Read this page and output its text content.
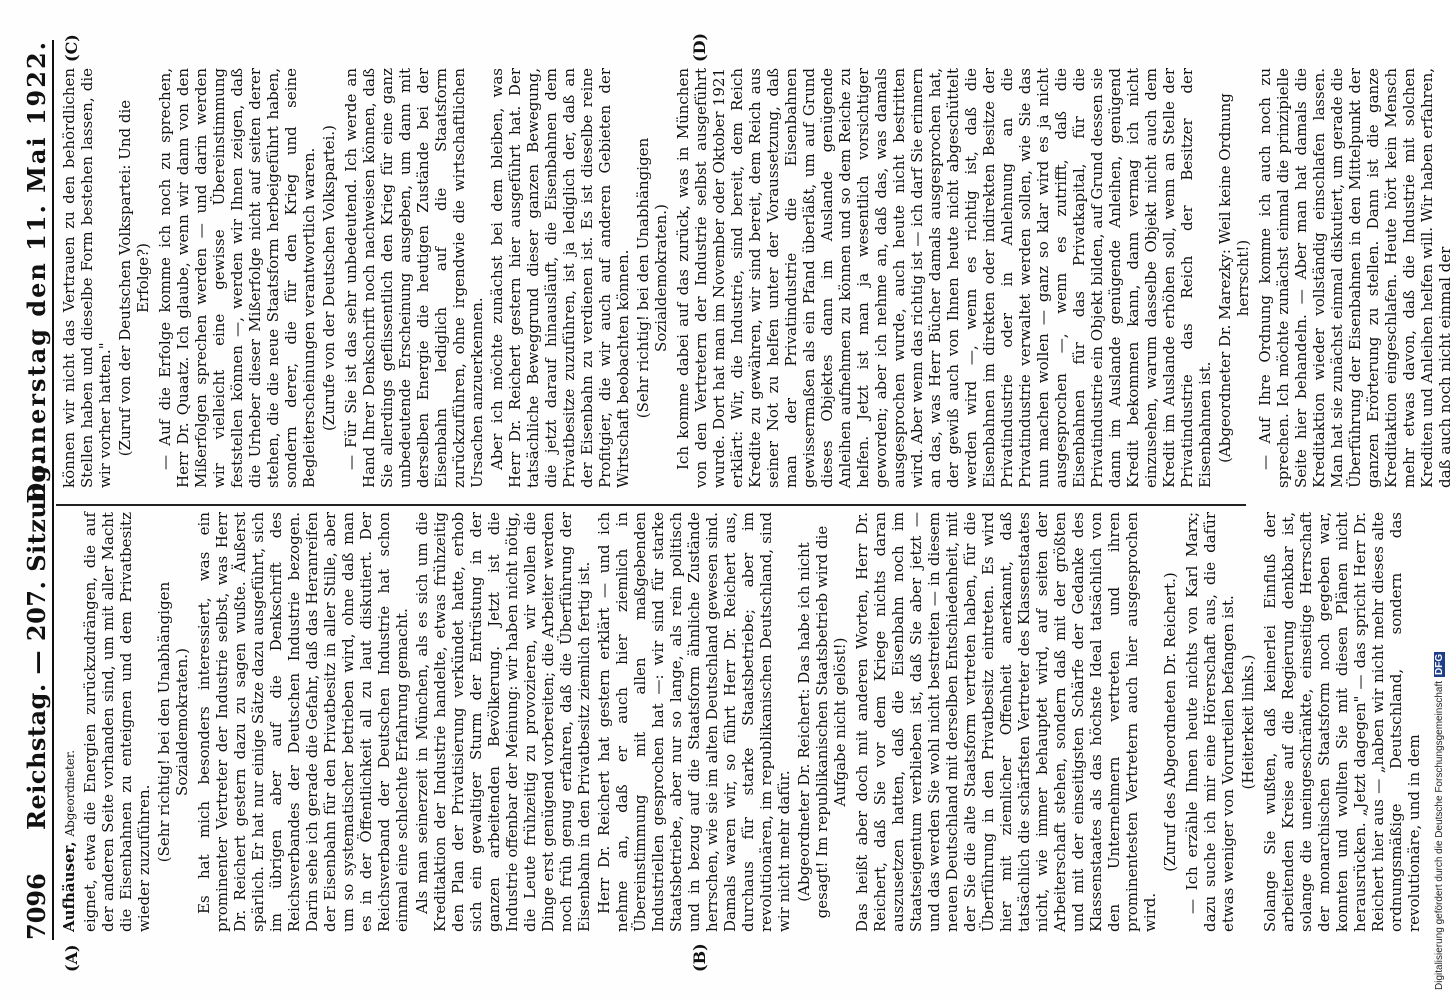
7096
Reichstag. — 207. Sitzung.
Donnerstag den 11. Mai 1922.
(A)	(B)
(C)	(D)

Aufhäuser, Abgeordneter. eignet, etwa die Energien zurückzudrängen, die auf der anderen Seite vorhanden sind, um mit aller Macht die Eisenbahnen zu enteignen und dem Privatbesitz wieder zuzuführen. (Sehr richtig! bei den Unabhängigen Sozialdemokraten.) Es hat mich besonders interessiert, was ein prominenter Vertreter der Industrie selbst, was Herr Dr. Reichert gestern dazu zu sagen wußte. Äußerst spärlich. Er hat nur einige Sätze dazu ausgeführt, sich im übrigen aber auf die Denkschrift des Reichsverbandes der Deutschen Industrie bezogen. Darin sehe ich gerade die Gefahr, daß das Heranreifen der Eisenbahn für den Privatbesitz in aller Stille, aber um so systematischer betrieben wird, ohne daß man es in der Öffentlichkeit all zu laut diskutiert. Der Reichsverband der Deutschen Industrie hat schon einmal eine schlechte Erfahrung gemacht. Als man seinerzeit in München, als es sich um die Kreditaktion der Industrie handelte, etwas frühzeitig den Plan der Privatisierung verkündet hatte, erhob sich ein gewaltiger Sturm der Entrüstung in der ganzen arbeitenden Bevölkerung. Jetzt ist die Industrie offenbar der Meinung: wir haben nicht nötig, die Leute frühzeitig zu provozieren, wir wollen die Dinge erst genügend vorbereiten; die Arbeiter werden noch früh genug erfahren, daß die Überführung der Eisenbahn in den Privatbesitz ziemlich fertig ist. Herr Dr. Reichert hat gestern erklärt — und ich nehme an, daß er auch hier ziemlich in Übereinstimmung mit allen maßgebenden Industriellen gesprochen hat —: wir sind für starke Staatsbetriebe, aber nur so lange, als rein politisch und in bezug auf die Staatsform ähnliche Zustände herrschen, wie sie im alten Deutschland gewesen sind. Damals waren wir, so führt Herr Dr. Reichert aus, durchaus für starke Staatsbetriebe; aber im revolutionären, im republikanischen Deutschland, sind wir nicht mehr dafür. (Abgeordneter Dr. Reichert: Das habe ich nicht gesagt! Im republikanischen Staatsbetrieb wird die Aufgabe nicht gelöst!) Das heißt aber doch mit anderen Worten, Herr Dr. Reichert, daß Sie vor dem Kriege nichts daran auszusetzen hatten, daß die Eisenbahn noch im Staatseigentum verblieben ist, daß Sie aber jetzt — und das werden Sie wohl nicht bestreiten — in diesem neuen Deutschland mit derselben Entschiedenheit, mit der Sie die alte Staatsform vertreten haben, für die Überführung in den Privatbesitz eintreten. Es wird hier mit ziemlicher Offenheit anerkannt, daß tatsächlich die schärfsten Vertreter des Klassenstaates nicht, wie immer behauptet wird, auf seiten der Arbeiterschaft stehen, sondern daß mit der größten und mit der einseitigsten Schärfe der Gedanke des Klassenstaates als das höchste Ideal tatsächlich von den Unternehmern vertreten und ihren prominentesten Vertretern auch hier ausgesprochen wird.

(Zuruf des Abgeordneten Dr. Reichert.) — Ich erzähle Ihnen heute nichts von Karl Marx; dazu suche ich mir eine Hörerschaft aus, die dafür etwas weniger von Vorurteilen befangen ist. (Heiterkeit links.) Solange Sie wußten, daß keinerlei Einfluß der arbeitenden Kreise auf die Regierung denkbar ist, solange die uneingeschränkte, einseitige Herrschaft der monarchischen Staatsform noch gegeben war, konnten und wollten Sie mit diesen Plänen nicht herausrücken. „Jetzt dagegen" — das spricht Herr Dr. Reichert hier aus — „haben wir nicht mehr dieses alte ordnungsmäßige Deutschland, sondern das revolutionäre, und in dem

können wir nicht das Vertrauen zu den behördlichen Stellen haben und dieselbe Form bestehen lassen, die wir vorher hatten." (Zuruf von der Deutschen Volkspartei: Und die Erfolge?) — Auf die Erfolge komme ich noch zu sprechen, Herr Dr. Quaatz. Ich glaube, wenn wir dann von den Mißerfolgen sprechen werden — und darin werden wir vielleicht eine gewisse Übereinstimmung feststellen können —, werden wir Ihnen zeigen, daß die Urheber dieser Mißerfolge nicht auf seiten derer stehen, die die neue Staatsform herbeigeführt haben, sondern derer, die für den Krieg und seine Begleiterscheinungen verantwortlich waren. (Zurufe von der Deutschen Volkspartei.) — Für Sie ist das sehr unbedeutend. Ich werde an Hand Ihrer Denkschrift noch nachweisen können, daß Sie allerdings geflissentlich den Krieg für eine ganz unbedeutende Erscheinung ausgeben, um dann mit derselben Energie die heutigen Zustände bei der Eisenbahn lediglich auf die Staatsform zurückzuführen, ohne irgendwie die wirtschaftlichen Ursachen anzuerkennen. Aber ich möchte zunächst bei dem bleiben, was Herr Dr. Reichert gestern hier ausgeführt hat. Der tatsächliche Beweggrund dieser ganzen Bewegung, die jetzt darauf hinausläuft, die Eisenbahnen dem Privatbesitze zuzuführen, ist ja lediglich der, daß an der Eisenbahn zu verdienen ist. Es ist dieselbe reine Profitgier, die wir auch auf anderen Gebieten der Wirtschaft beobachten können. (Sehr richtig! bei den Unabhängigen Sozialdemokraten.) Ich komme dabei auf das zurück, was in München von den Vertretern der Industrie selbst ausgeführt wurde. Dort hat man im November oder Oktober 1921 erklärt: Wir, die Industrie, sind bereit, dem Reich Kredite zu gewähren, wir sind bereit, dem Reich aus seiner Not zu helfen unter der Voraussetzung, daß man der Privatindustrie die Eisenbahnen gewissermaßen als ein Pfand überläßt, um auf Grund dieses Objektes dann im Auslande genügende Anleihen aufnehmen zu können und so dem Reiche zu helfen. Jetzt ist man ja wesentlich vorsichtiger geworden; aber ich nehme an, daß das, was damals ausgesprochen wurde, auch heute nicht bestritten wird. Aber wenn das richtig ist — ich darf Sie erinnern an das, was Herr Bücher damals ausgesprochen hat, der gewiß auch von Ihnen heute nicht abgeschüttelt werden wird —, wenn es richtig ist, daß die Eisenbahnen im direkten oder indirekten Besitze der Privatindustrie oder in Anlehnung an die Privatindustrie verwaltet werden sollen, wie Sie das nun machen wollen — ganz so klar wird es ja nicht ausgesprochen —, wenn es zutrifft, daß die Eisenbahnen für das Privatkapital, für die Privatindustrie ein Objekt bilden, auf Grund dessen sie dann im Auslande genügende Anleihen, genügend Kredit bekommen kann, dann vermag ich nicht einzusehen, warum dasselbe Objekt nicht auch dem Kredit im Auslande erhöhen soll, wenn an Stelle der Privatindustrie das Reich der Besitzer der Eisenbahnen ist. (Abgeordneter Dr. Marezky: Weil keine Ordnung herrscht!) — Auf Ihre Ordnung komme ich auch noch zu sprechen. Ich möchte zunächst einmal die prinzipielle Seite hier behandeln. — Aber man hat damals die Kreditaktion wieder vollständig einschlafen lassen. Man hat sie zunächst einmal diskutiert, um gerade die Überführung der Eisenbahnen in den Mittelpunkt der ganzen Erörterung zu stellen. Dann ist die ganze Kreditaktion eingeschlafen. Heute hört kein Mensch mehr etwas davon, daß die Industrie mit solchen Krediten und Anleihen helfen will. Wir haben erfahren, daß auch noch nicht einmal der

Digitalisierung gefördert durch die Deutsche ForschungsgemeinschaftDFG
